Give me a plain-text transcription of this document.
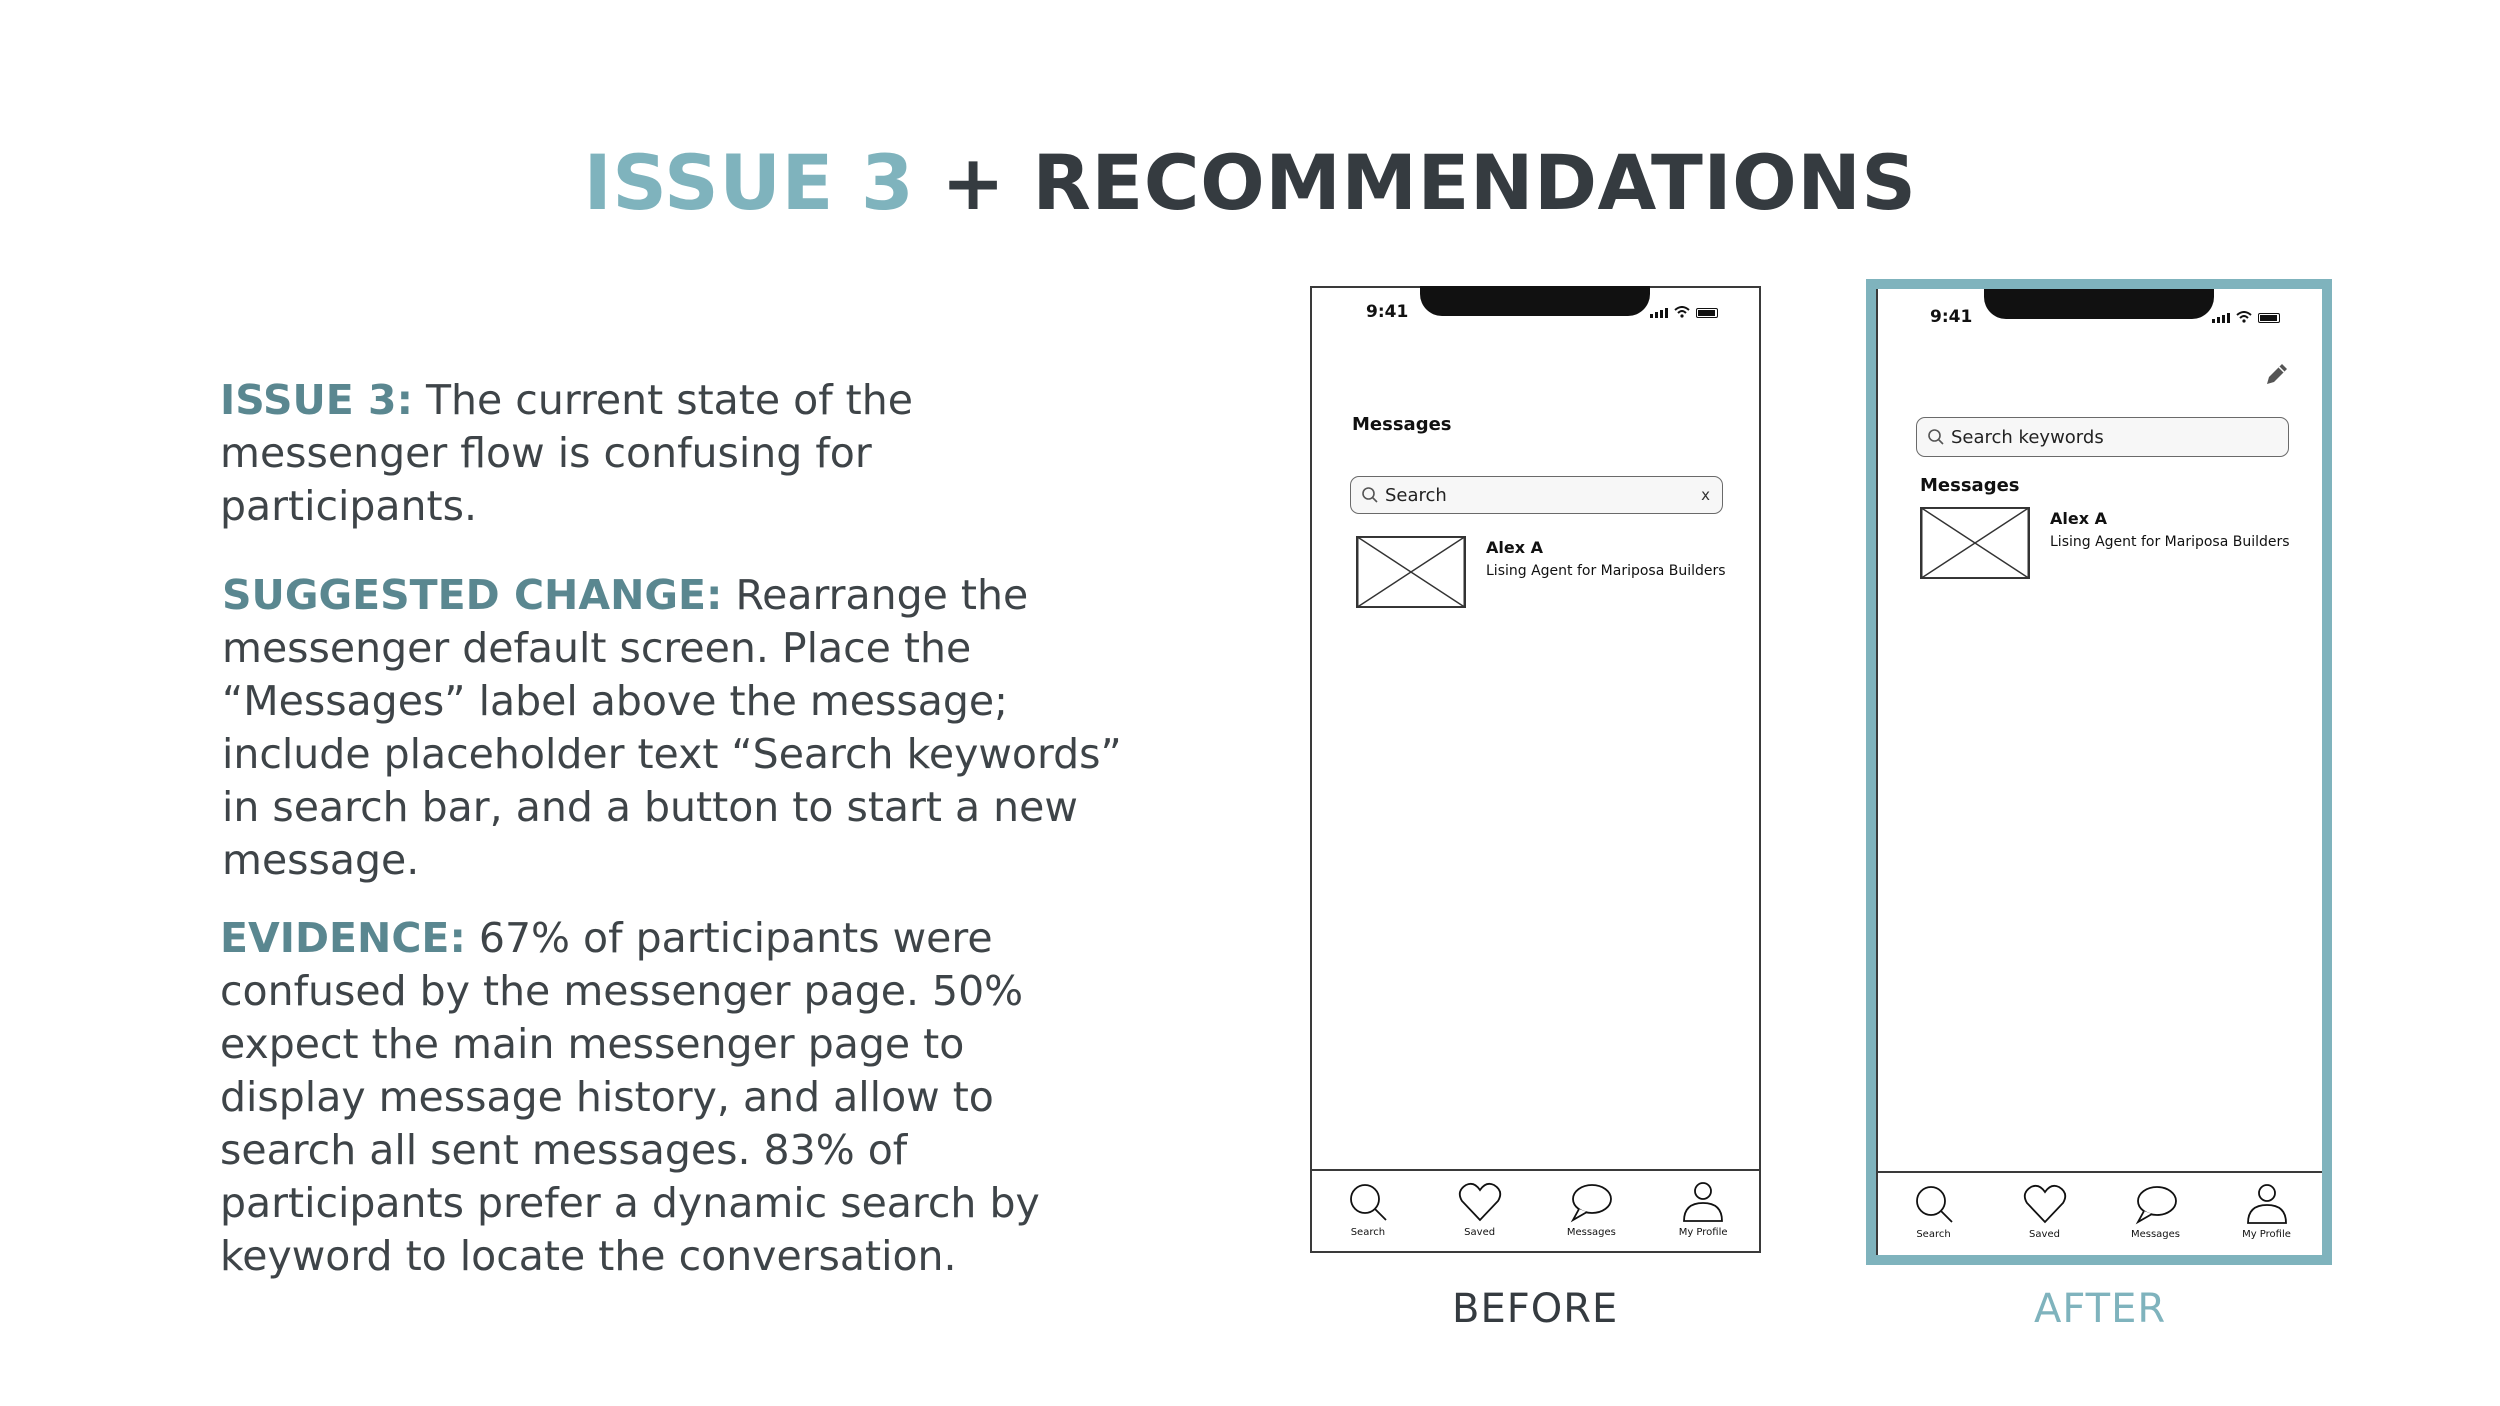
ISSUE 3 + RECOMMENDATIONS
ISSUE 3: The current state of the messenger flow is confusing for participants.
SUGGESTED CHANGE: Rearrange the messenger default screen. Place the “Messages” label above the message; include placeholder text “Search keywords” in search bar, and a button to start a new message.
EVIDENCE: 67% of participants were confused by the messenger page. 50% expect the main messenger page to display message history, and allow to search all sent messages. 83% of participants prefer a dynamic search by keyword to locate the conversation.
9:41
Messages
Search	x
Alex A
Lising Agent for Mariposa Builders
Search	Saved	Messages	My Profile
9:41
Search keywords
Messages
Alex A
Lising Agent for Mariposa Builders
Search	Saved	Messages	My Profile
BEFORE	AFTER
